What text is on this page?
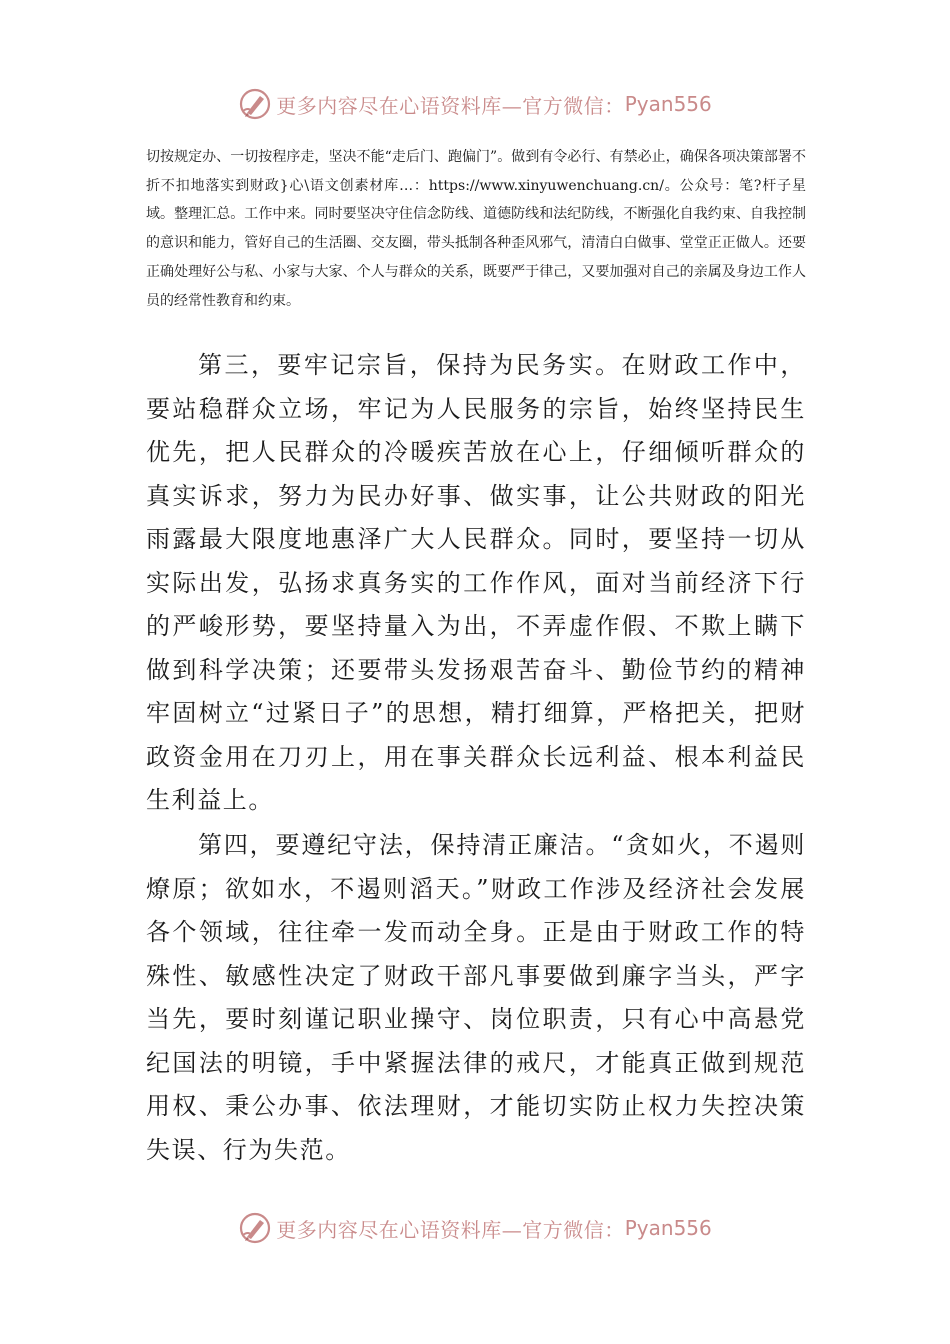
更多内容尽在心语资料库—官方微信： Pyan556

切按规定办、一切按程序走，坚决不能“走后门、跑偏门”。做到有令必行、有禁必止，确保各项决策部署不折不扣地落实到财政}心\语文创素材库…：https://www.xinyuwenchuang.cn/。公众号：笔?杆子星域。整理汇总。工作中来。同时要坚决守住信念防线、道德防线和法纪防线，不断强化自我约束、自我控制的意识和能力，管好自己的生活圈、交友圈，带头抵制各种歪风邪气，清清白白做事、堂堂正正做人。还要正确处理好公与私、小家与大家、个人与群众的关系，既要严于律己，又要加强对自己的亲属及身边工作人员的经常性教育和约束。

第三，要牢记宗旨，保持为民务实。在财政工作中，要站稳群众立场，牢记为人民服务的宗旨，始终坚持民生优先，把人民群众的冷暖疾苦放在心上，仔细倾听群众的真实诉求，努力为民办好事、做实事，让公共财政的阳光雨露最大限度地惠泽广大人民群众。同时，要坚持一切从实际出发，弘扬求真务实的工作作风，面对当前经济下行的严峻形势，要坚持量入为出，不弄虚作假、不欺上瞒下做到科学决策；还要带头发扬艰苦奋斗、勤俭节约的精神牢固树立“过紧日子”的思想，精打细算，严格把关，把财政资金用在刀刃上，用在事关群众长远利益、根本利益民生利益上。

第四，要遵纪守法，保持清正廉洁。“贪如火，不遏则燎原；欲如水，不遏则滔天。”财政工作涉及经济社会发展各个领域，往往牵一发而动全身。正是由于财政工作的特殊性、敏感性决定了财政干部凡事要做到廉字当头，严字当先，要时刻谨记职业操守、岗位职责，只有心中高悬党纪国法的明镜，手中紧握法律的戒尺，才能真正做到规范用权、秉公办事、依法理财，才能切实防止权力失控决策失误、行为失范。

更多内容尽在心语资料库—官方微信： Pyan556
